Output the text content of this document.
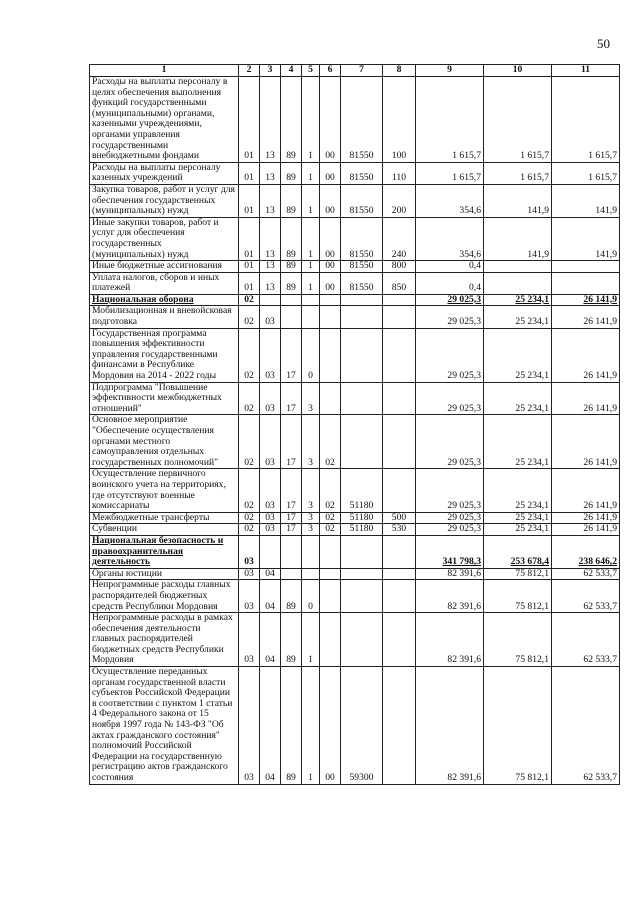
50
1	2	3	4	5	6	7	8	9	10	11
Расходы на выплаты персоналу в целях обеспечения выполнения функций государственными (муниципальными) органами, казенными учреждениями, органами управления государственными внебюджетными фондами	01	13	89	1	00	81550	100	1 615,7	1 615,7	1 615,7
Расходы на выплаты персоналу казенных учреждений	01	13	89	1	00	81550	110	1 615,7	1 615,7	1 615,7
Закупка товаров, работ и услуг для обеспечения государственных (муниципальных) нужд	01	13	89	1	00	81550	200	354,6	141,9	141,9
Иные закупки товаров, работ и услуг для обеспечения государственных (муниципальных) нужд	01	13	89	1	00	81550	240	354,6	141,9	141,9
Иные бюджетные ассигнования	01	13	89	1	00	81550	800	0,4		
Уплата налогов, сборов и иных платежей	01	13	89	1	00	81550	850	0,4		
Национальная оборона	02							29 025,3	25 234,1	26 141,9
Мобилизационная и вневойсковая подготовка	02	03						29 025,3	25 234,1	26 141,9
Государственная программа повышения эффективности управления государственными финансами в Республике Мордовия на 2014 - 2022 годы	02	03	17	0				29 025,3	25 234,1	26 141,9
Подпрограмма "Повышение эффективности межбюджетных отношений"	02	03	17	3				29 025,3	25 234,1	26 141,9
Основное мероприятие "Обеспечение осуществления органами местного самоуправления отдельных государственных полномочий"	02	03	17	3	02			29 025,3	25 234,1	26 141,9
Осуществление первичного воинского учета на территориях, где отсутствуют военные комиссариаты	02	03	17	3	02	51180		29 025,3	25 234,1	26 141,9
Межбюджетные трансферты	02	03	17	3	02	51180	500	29 025,3	25 234,1	26 141,9
Субвенции	02	03	17	3	02	51180	530	29 025,3	25 234,1	26 141,9
Национальная безопасность и правоохранительная деятельность	03							341 798,3	253 678,4	238 646,2
Органы юстиции	03	04						82 391,6	75 812,1	62 533,7
Непрограммные расходы главных распорядителей бюджетных средств Республики Мордовия	03	04	89	0				82 391,6	75 812,1	62 533,7
Непрограммные расходы в рамках обеспечения деятельности главных распорядителей бюджетных средств Республики Мордовия	03	04	89	1				82 391,6	75 812,1	62 533,7
Осуществление переданных органам государственной власти субъектов Российской Федерации в соответствии с пунктом 1 статьи 4 Федерального закона от 15 ноября 1997 года № 143-ФЗ "Об актах гражданского состояния" полномочий Российской Федерации на государственную регистрацию актов гражданского состояния	03	04	89	1	00	59300		82 391,6	75 812,1	62 533,7
